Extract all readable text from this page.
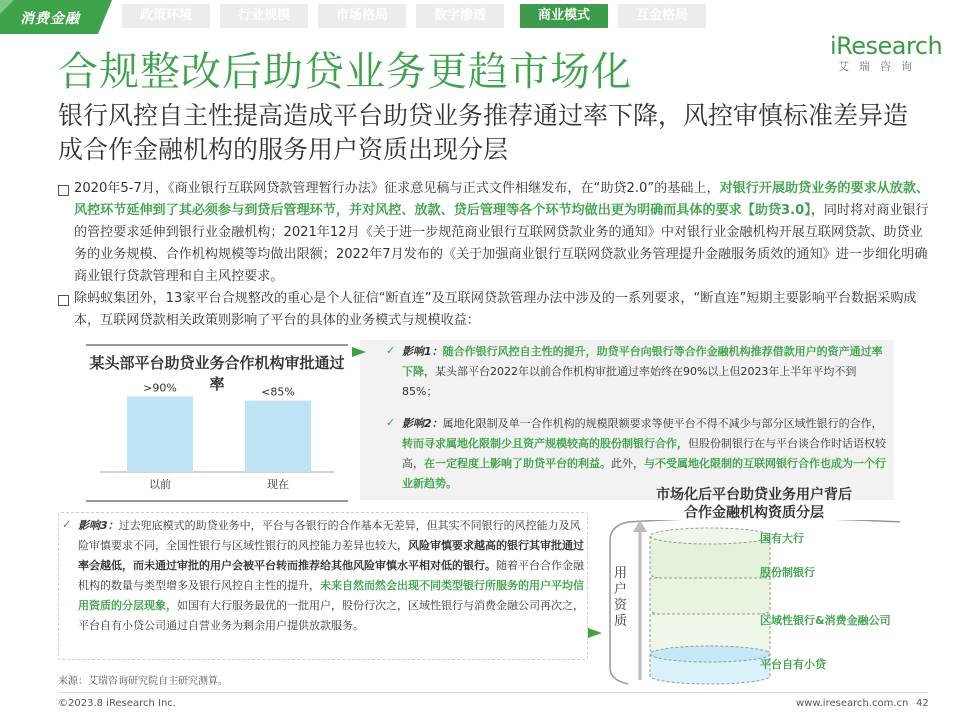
消费金融	政策环境	行业规模	市场格局	数字渗透	商业模式	互金格局
iResearch
艾瑞咨询
合规整改后助贷业务更趋市场化
银行风控自主性提高造成平台助贷业务推荐通过率下降，风控审慎标准差异造成合作金融机构的服务用户资质出现分层
2020年5-7月，《商业银行互联网贷款管理暂行办法》征求意见稿与正式文件相继发布，在“助贷2.0”的基础上，对银行开展助贷业务的要求从放款、风控环节延伸到了其必须参与到贷后管理环节，并对风控、放款、贷后管理等各个环节均做出更为明确而具体的要求【助贷3.0】，同时将对商业银行的管控要求延伸到银行业金融机构；2021年12月《关于进一步规范商业银行互联网贷款业务的通知》中对银行业金融机构开展互联网贷款、助贷业务的业务规模、合作机构规模等均做出限额；2022年7月发布的《关于加强商业银行互联网贷款业务管理提升金融服务质效的通知》进一步细化明确商业银行贷款管理和自主风控要求。
除蚂蚁集团外，13家平台合规整改的重心是个人征信“断直连”及互联网贷款管理办法中涉及的一系列要求，“断直连”短期主要影响平台数据采购成本，互联网贷款相关政策则影响了平台的具体的业务模式与规模收益：
某头部平台助贷业务合作机构审批通过率
>90%	<85%
以前	现在
✓ 影响1：随合作银行风控自主性的提升，助贷平台向银行等合作金融机构推荐借款用户的资产通过率下降，某头部平台2022年以前合作机构审批通过率始终在90%以上但2023年上半年平均不到85%；
✓ 影响2：属地化限制及单一合作机构的规模限额要求等使平台不得不减少与部分区域性银行的合作，转而寻求属地化限制少且资产规模较高的股份制银行合作，但股份制银行在与平台谈合作时话语权较高，在一定程度上影响了助贷平台的利益。此外，与不受属地化限制的互联网银行合作也成为一个行业新趋势。
✓ 影响3：过去兜底模式的助贷业务中，平台与各银行的合作基本无差异，但其实不同银行的风控能力及风险审慎要求不同，全国性银行与区域性银行的风控能力差异也较大，风险审慎要求越高的银行其审批通过率会越低，而未通过审批的用户会被平台转而推荐给其他风险审慎水平相对低的银行。随着平台合作金融机构的数量与类型增多及银行风控自主性的提升，未来自然而然会出现不同类型银行所服务的用户平均信用资质的分层现象，如国有大行服务最优的一批用户，股份行次之，区域性银行与消费金融公司再次之，平台自有小贷公司通过自营业务为剩余用户提供放款服务。
市场化后平台助贷业务用户背后合作金融机构资质分层
国有大行
股份制银行
区域性银行&消费金融公司
平台自有小贷
用户资质
来源：艾瑞咨询研究院自主研究测算。
©2023.8 iResearch Inc.	www.iresearch.com.cn 42
